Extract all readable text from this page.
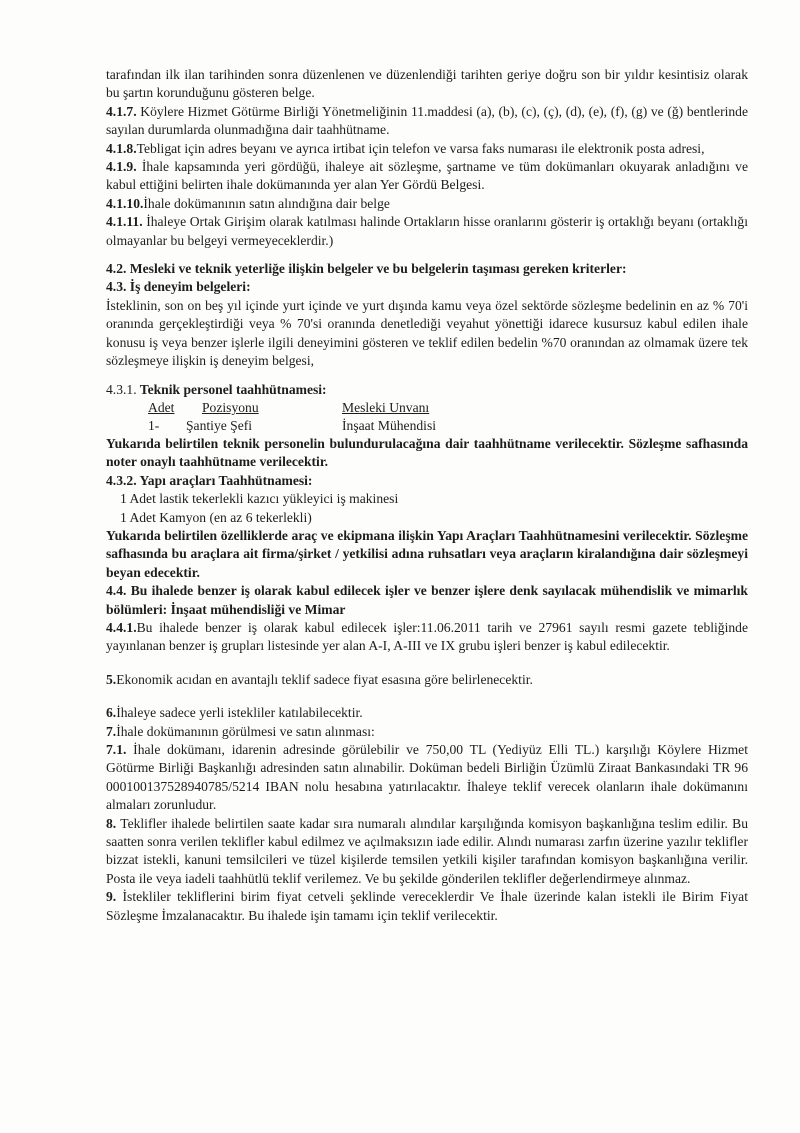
tarafından ilk ilan tarihinden sonra düzenlenen ve düzenlendiği tarihten geriye doğru son bir yıldır kesintisiz olarak bu şartın korunduğunu gösteren belge.

4.1.7. Köylere Hizmet Götürme Birliği Yönetmeliğinin 11.maddesi (a), (b), (c), (ç), (d), (e), (f), (g) ve (ğ) bentlerinde sayılan durumlarda olunmadığına dair taahhütname.

4.1.8.Tebligat için adres beyanı ve ayrıca irtibat için telefon ve varsa faks numarası ile elektronik posta adresi,

4.1.9. İhale kapsamında yeri gördüğü, ihaleye ait sözleşme, şartname ve tüm dokümanları okuyarak anladığını ve kabul ettiğini belirten ihale dokümanında yer alan Yer Gördü Belgesi.

4.1.10.İhale dokümanının satın alındığına dair belge

4.1.11. İhaleye Ortak Girişim olarak katılması halinde Ortakların hisse oranlarını gösterir iş ortaklığı beyanı (ortaklığı olmayanlar bu belgeyi vermeyeceklerdir.)

4.2. Mesleki ve teknik yeterliğe ilişkin belgeler ve bu belgelerin taşıması gereken kriterler:

4.3. İş deneyim belgeleri:

İsteklinin, son on beş yıl içinde yurt içinde ve yurt dışında kamu veya özel sektörde sözleşme bedelinin en az % 70'i oranında gerçekleştirdiği veya % 70'si oranında denetlediği veyahut yönettiği idarece kusursuz kabul edilen ihale konusu iş veya benzer işlerle ilgili deneyimini gösteren ve teklif edilen bedelin %70 oranından az olmamak üzere tek sözleşmeye ilişkin iş deneyim belgesi,

4.3.1. Teknik personel taahhütnamesi:

Adet Pozisyonu	Mesleki Unvanı
1- Şantiye Şefi	İnşaat Mühendisi

Yukarıda belirtilen teknik personelin bulundurulacağına dair taahhütname verilecektir. Sözleşme safhasında noter onaylı taahhütname verilecektir.

4.3.2. Yapı araçları Taahhütnamesi:

1 Adet lastik tekerlekli kazıcı yükleyici iş makinesi

1 Adet Kamyon (en az 6 tekerlekli)

Yukarıda belirtilen özelliklerde araç ve ekipmana ilişkin Yapı Araçları Taahhütnamesini verilecektir. Sözleşme safhasında bu araçlara ait firma/şirket / yetkilisi adına ruhsatları veya araçların kiralandığına dair sözleşmeyi beyan edecektir.

4.4. Bu ihalede benzer iş olarak kabul edilecek işler ve benzer işlere denk sayılacak mühendislik ve mimarlık bölümleri: İnşaat mühendisliği ve Mimar

4.4.1.Bu ihalede benzer iş olarak kabul edilecek işler:11.06.2011 tarih ve 27961 sayılı resmi gazete tebliğinde yayınlanan benzer iş grupları listesinde yer alan A-I, A-III ve IX grubu işleri benzer iş kabul edilecektir.

5.Ekonomik acıdan en avantajlı teklif sadece fiyat esasına göre belirlenecektir.

6.İhaleye sadece yerli istekliler katılabilecektir.

7.İhale dokümanının görülmesi ve satın alınması:

7.1. İhale dokümanı, idarenin adresinde görülebilir ve 750,00 TL (Yediyüz Elli TL.) karşılığı Köylere Hizmet Götürme Birliği Başkanlığı adresinden satın alınabilir. Doküman bedeli Birliğin Üzümlü Ziraat Bankasındaki TR 96 000100137528940785/5214 IBAN nolu hesabına yatırılacaktır. İhaleye teklif verecek olanların ihale dokümanını almaları zorunludur.

8. Teklifler ihalede belirtilen saate kadar sıra numaralı alındılar karşılığında komisyon başkanlığına teslim edilir. Bu saatten sonra verilen teklifler kabul edilmez ve açılmaksızın iade edilir. Alındı numarası zarfın üzerine yazılır teklifler bizzat istekli, kanuni temsilcileri ve tüzel kişilerde temsilen yetkili kişiler tarafından komisyon başkanlığına verilir. Posta ile veya iadeli taahhütlü teklif verilemez. Ve bu şekilde gönderilen teklifler değerlendirmeye alınmaz.

9. İstekliler tekliflerini birim fiyat cetveli şeklinde vereceklerdir Ve İhale üzerinde kalan istekli ile Birim Fiyat Sözleşme İmzalanacaktır. Bu ihalede işin tamamı için teklif verilecektir.
